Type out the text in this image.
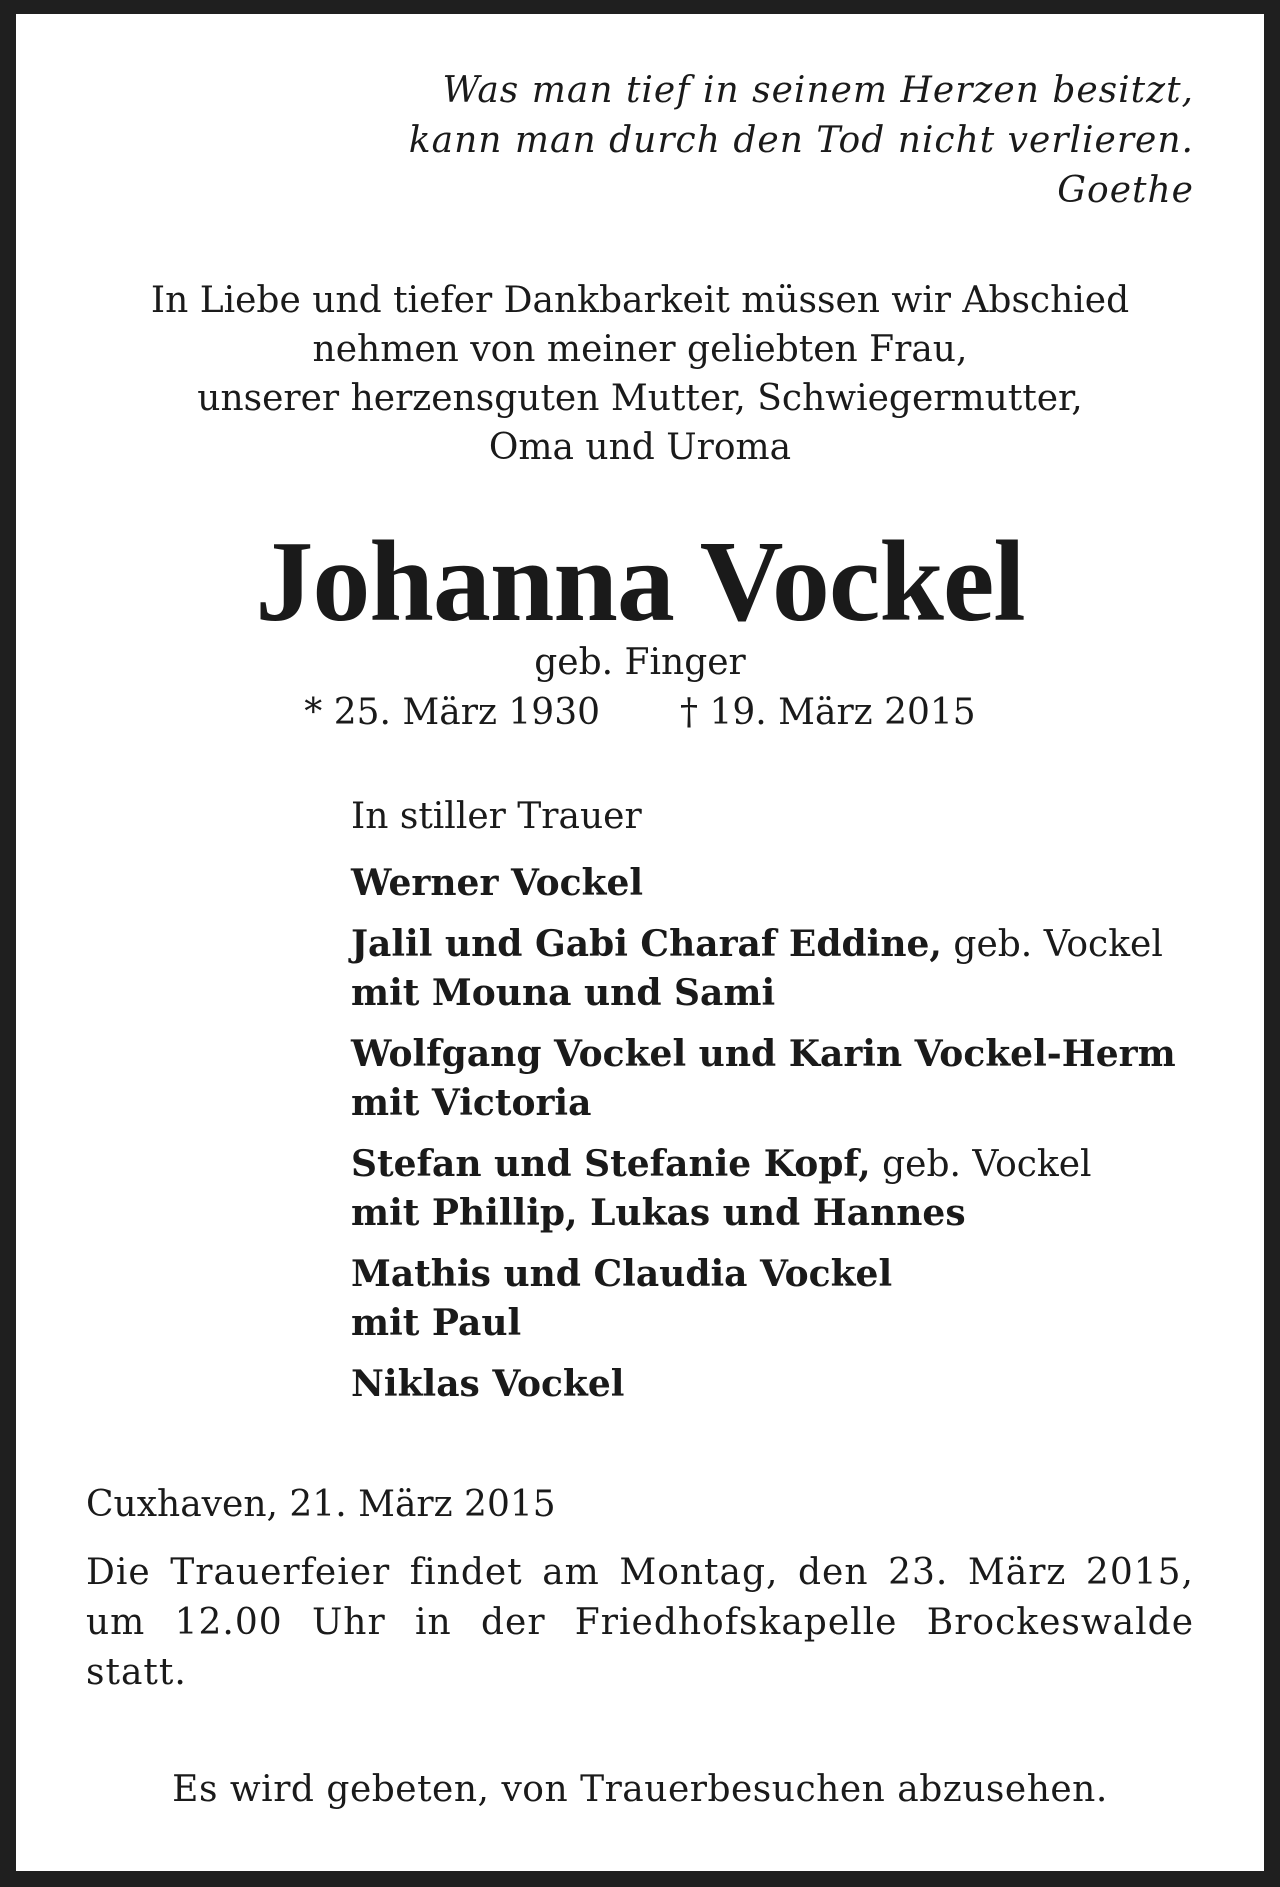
Was man tief in seinem Herzen besitzt,
kann man durch den Tod nicht verlieren.
Goethe
In Liebe und tiefer Dankbarkeit müssen wir Abschied
nehmen von meiner geliebten Frau,
unserer herzensguten Mutter, Schwiegermutter,
Oma und Uroma
Johanna Vockel
geb. Finger
* 25. März 1930 † 19. März 2015
In stiller Trauer
Werner Vockel
Jalil und Gabi Charaf Eddine, geb. Vockel
mit Mouna und Sami
Wolfgang Vockel und Karin Vockel-Herm
mit Victoria
Stefan und Stefanie Kopf, geb. Vockel
mit Phillip, Lukas und Hannes
Mathis und Claudia Vockel
mit Paul
Niklas Vockel
Cuxhaven, 21. März 2015
Die Trauerfeier findet am Montag, den 23. März 2015, um 12.00 Uhr in der Friedhofskapelle Brockeswalde statt.
Es wird gebeten, von Trauerbesuchen abzusehen.
